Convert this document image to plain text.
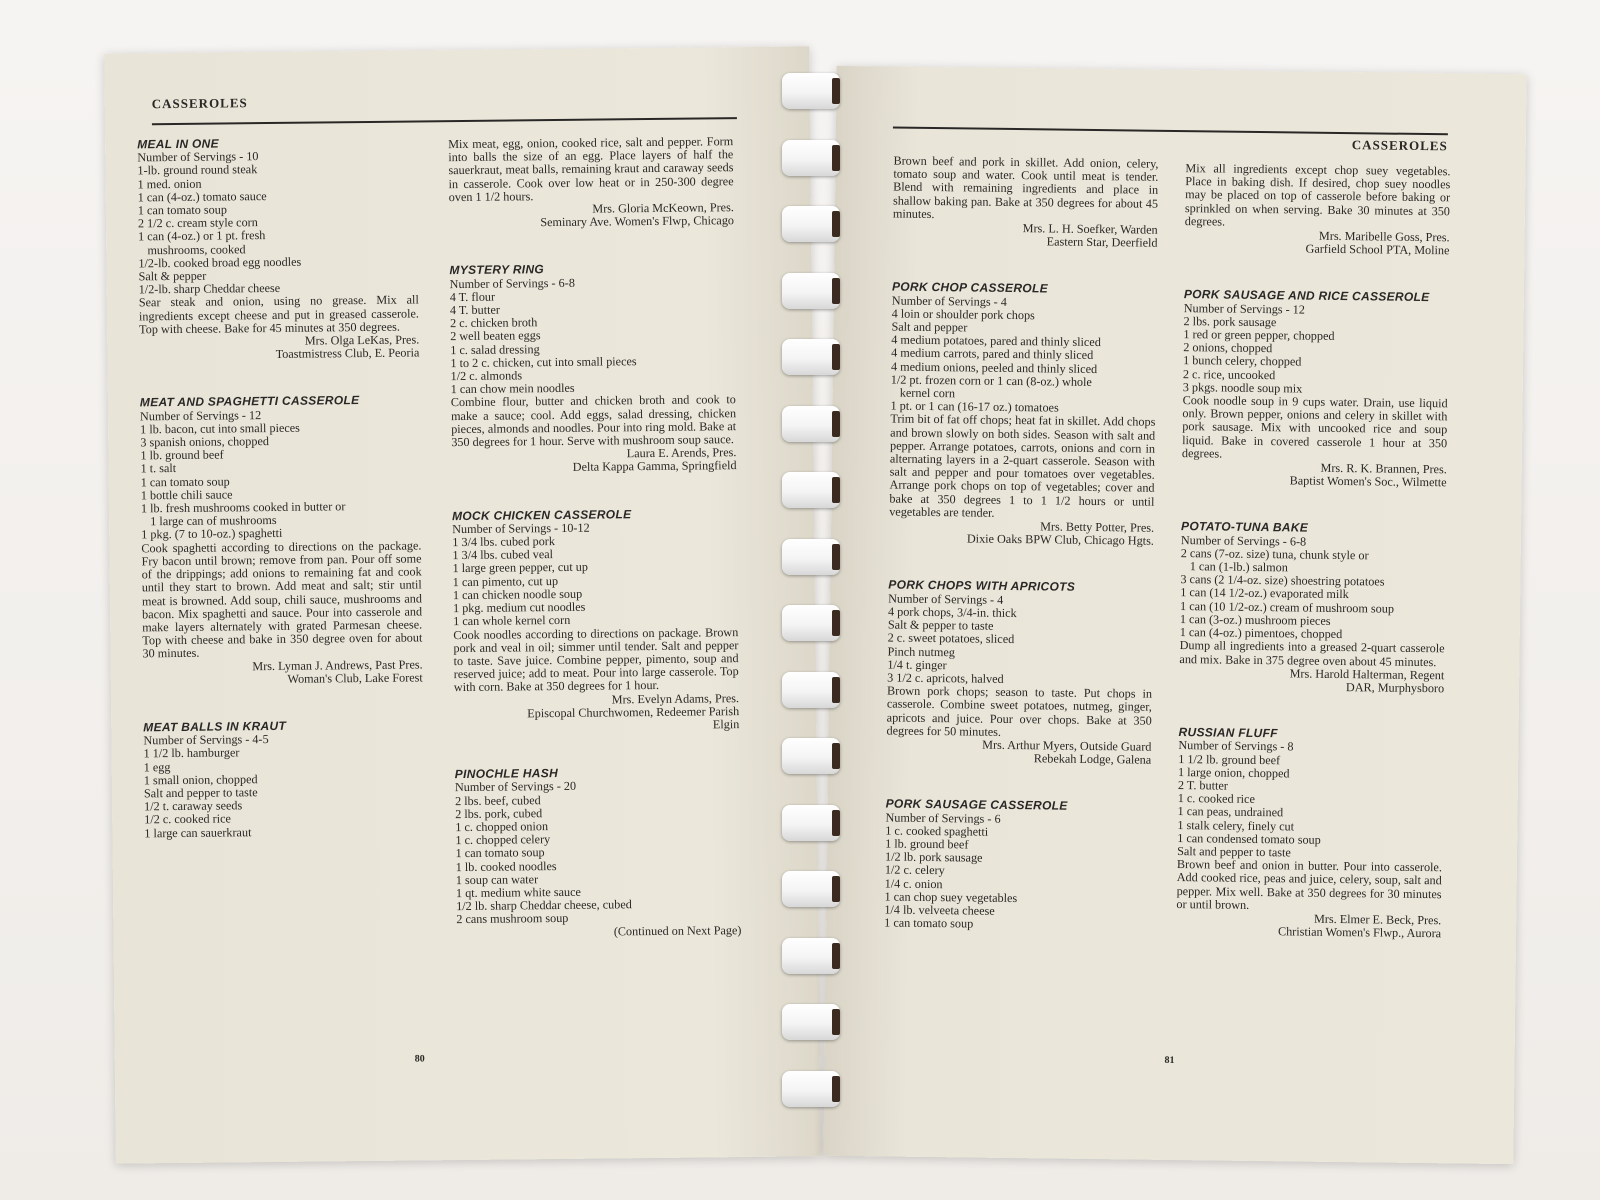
CASSEROLES

MEAL IN ONE

Number of Servings - 10

1-lb. ground round steak

1 med. onion

1 can (4-oz.) tomato sauce

1 can tomato soup

2 1/2 c. cream style corn

1 can (4-oz.) or 1 pt. fresh

mushrooms, cooked

1/2-lb. cooked broad egg noodles

Salt & pepper

1/2-lb. sharp Cheddar cheese

Sear steak and onion, using no grease. Mix all ingredients except cheese and put in greased casserole. Top with cheese. Bake for 45 minutes at 350 degrees.

Mrs. Olga LeKas, Pres.

Toastmistress Club, E. Peoria

MEAT AND SPAGHETTI CASSEROLE

Number of Servings - 12

1 lb. bacon, cut into small pieces

3 spanish onions, chopped

1 lb. ground beef

1 t. salt

1 can tomato soup

1 bottle chili sauce

1 lb. fresh mushrooms cooked in butter or

1 large can of mushrooms

1 pkg. (7 to 10-oz.) spaghetti

Cook spaghetti according to directions on the package. Fry bacon until brown; remove from pan. Pour off some of the drippings; add onions to remaining fat and cook until they start to brown. Add meat and salt; stir until meat is browned. Add soup, chili sauce, mushrooms and bacon. Mix spaghetti and sauce. Pour into casserole and make layers alternately with grated Parmesan cheese. Top with cheese and bake in 350 degree oven for about 30 minutes.

Mrs. Lyman J. Andrews, Past Pres.

Woman's Club, Lake Forest

MEAT BALLS IN KRAUT

Number of Servings - 4-5

1 1/2 lb. hamburger

1 egg

1 small onion, chopped

Salt and pepper to taste

1/2 t. caraway seeds

1/2 c. cooked rice

1 large can sauerkraut

Mix meat, egg, onion, cooked rice, salt and pepper. Form into balls the size of an egg. Place layers of half the sauerkraut, meat balls, remaining kraut and caraway seeds in casserole. Cook over low heat or in 250-300 degree oven 1 1/2 hours.

Mrs. Gloria McKeown, Pres.

Seminary Ave. Women's Flwp, Chicago

MYSTERY RING

Number of Servings - 6-8

4 T. flour

4 T. butter

2 c. chicken broth

2 well beaten eggs

1 c. salad dressing

1 to 2 c. chicken, cut into small pieces

1/2 c. almonds

1 can chow mein noodles

Combine flour, butter and chicken broth and cook to make a sauce; cool. Add eggs, salad dressing, chicken pieces, almonds and noodles. Pour into ring mold. Bake at 350 degrees for 1 hour. Serve with mushroom soup sauce.

Laura E. Arends, Pres.

Delta Kappa Gamma, Springfield

MOCK CHICKEN CASSEROLE

Number of Servings - 10-12

1 3/4 lbs. cubed pork

1 3/4 lbs. cubed veal

1 large green pepper, cut up

1 can pimento, cut up

1 can chicken noodle soup

1 pkg. medium cut noodles

1 can whole kernel corn

Cook noodles according to directions on package. Brown pork and veal in oil; simmer until tender. Salt and pepper to taste. Save juice. Combine pepper, pimento, soup and reserved juice; add to meat. Pour into large casserole. Top with corn. Bake at 350 degrees for 1 hour.

Mrs. Evelyn Adams, Pres.

Episcopal Churchwomen, Redeemer Parish

Elgin

PINOCHLE HASH

Number of Servings - 20

2 lbs. beef, cubed

2 lbs. pork, cubed

1 c. chopped onion

1 c. chopped celery

1 can tomato soup

1 lb. cooked noodles

1 soup can water

1 qt. medium white sauce

1/2 lb. sharp Cheddar cheese, cubed

2 cans mushroom soup

(Continued on Next Page)

80
CASSEROLES

Brown beef and pork in skillet. Add onion, celery, tomato soup and water. Cook until meat is tender. Blend with remaining ingredients and place in shallow baking pan. Bake at 350 degrees for about 45 minutes.

Mrs. L. H. Soefker, Warden

Eastern Star, Deerfield

PORK CHOP CASSEROLE

Number of Servings - 4

4 loin or shoulder pork chops

Salt and pepper

4 medium potatoes, pared and thinly sliced

4 medium carrots, pared and thinly sliced

4 medium onions, peeled and thinly sliced

1/2 pt. frozen corn or 1 can (8-oz.) whole

kernel corn

1 pt. or 1 can (16-17 oz.) tomatoes

Trim bit of fat off chops; heat fat in skillet. Add chops and brown slowly on both sides. Season with salt and pepper. Arrange potatoes, carrots, onions and corn in alternating layers in a 2-quart casserole. Season with salt and pepper and pour tomatoes over vegetables. Arrange pork chops on top of vegetables; cover and bake at 350 degrees 1 to 1 1/2 hours or until vegetables are tender.

Mrs. Betty Potter, Pres.

Dixie Oaks BPW Club, Chicago Hgts.

PORK CHOPS WITH APRICOTS

Number of Servings - 4

4 pork chops, 3/4-in. thick

Salt & pepper to taste

2 c. sweet potatoes, sliced

Pinch nutmeg

1/4 t. ginger

3 1/2 c. apricots, halved

Brown pork chops; season to taste. Put chops in casserole. Combine sweet potatoes, nutmeg, ginger, apricots and juice. Pour over chops. Bake at 350 degrees for 50 minutes.

Mrs. Arthur Myers, Outside Guard

Rebekah Lodge, Galena

PORK SAUSAGE CASSEROLE

Number of Servings - 6

1 c. cooked spaghetti

1 lb. ground beef

1/2 lb. pork sausage

1/2 c. celery

1/4 c. onion

1 can chop suey vegetables

1/4 lb. velveeta cheese

1 can tomato soup

Mix all ingredients except chop suey vegetables. Place in baking dish. If desired, chop suey noodles may be placed on top of casserole before baking or sprinkled on when serving. Bake 30 minutes at 350 degrees.

Mrs. Maribelle Goss, Pres.

Garfield School PTA, Moline

PORK SAUSAGE AND RICE CASSEROLE

Number of Servings - 12

2 lbs. pork sausage

1 red or green pepper, chopped

2 onions, chopped

1 bunch celery, chopped

2 c. rice, uncooked

3 pkgs. noodle soup mix

Cook noodle soup in 9 cups water. Drain, use liquid only. Brown pepper, onions and celery in skillet with pork sausage. Mix with uncooked rice and soup liquid. Bake in covered casserole 1 hour at 350 degrees.

Mrs. R. K. Brannen, Pres.

Baptist Women's Soc., Wilmette

POTATO-TUNA BAKE

Number of Servings - 6-8

2 cans (7-oz. size) tuna, chunk style or

1 can (1-lb.) salmon

3 cans (2 1/4-oz. size) shoestring potatoes

1 can (14 1/2-oz.) evaporated milk

1 can (10 1/2-oz.) cream of mushroom soup

1 can (3-oz.) mushroom pieces

1 can (4-oz.) pimentoes, chopped

Dump all ingredients into a greased 2-quart casserole and mix. Bake in 375 degree oven about 45 minutes.

Mrs. Harold Halterman, Regent

DAR, Murphysboro

RUSSIAN FLUFF

Number of Servings - 8

1 1/2 lb. ground beef

1 large onion, chopped

2 T. butter

1 c. cooked rice

1 can peas, undrained

1 stalk celery, finely cut

1 can condensed tomato soup

Salt and pepper to taste

Brown beef and onion in butter. Pour into casserole. Add cooked rice, peas and juice, celery, soup, salt and pepper. Mix well. Bake at 350 degrees for 30 minutes or until brown.

Mrs. Elmer E. Beck, Pres.

Christian Women's Flwp., Aurora

81
